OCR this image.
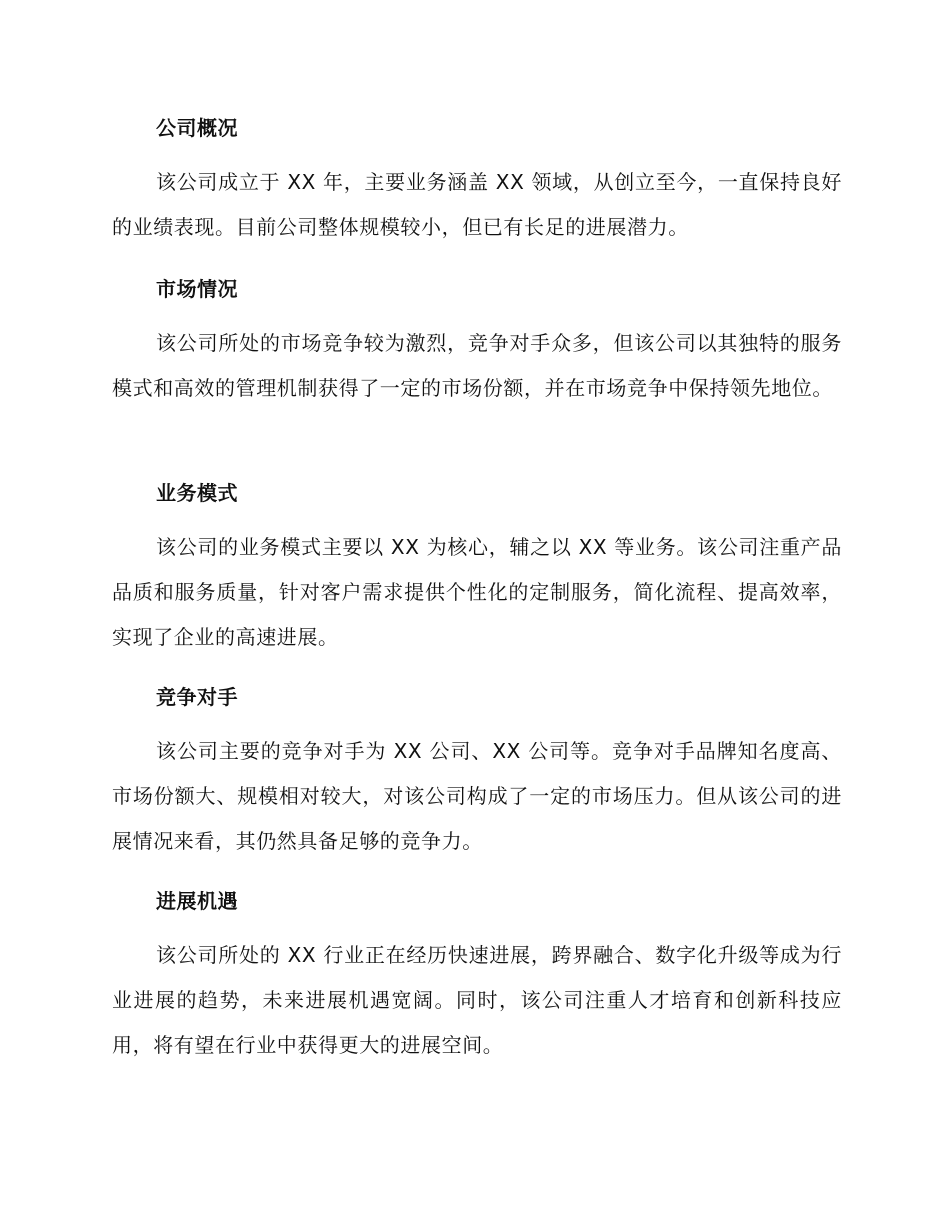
公司概况

该公司成立于 XX 年，主要业务涵盖 XX 领域，从创立至今，一直保持良好的业绩表现。目前公司整体规模较小，但已有长足的进展潜力。

市场情况

该公司所处的市场竞争较为激烈，竞争对手众多，但该公司以其独特的服务模式和高效的管理机制获得了一定的市场份额，并在市场竞争中保持领先地位。

业务模式

该公司的业务模式主要以 XX 为核心，辅之以 XX 等业务。该公司注重产品品质和服务质量，针对客户需求提供个性化的定制服务，简化流程、提高效率，实现了企业的高速进展。

竞争对手

该公司主要的竞争对手为 XX 公司、XX 公司等。竞争对手品牌知名度高、市场份额大、规模相对较大，对该公司构成了一定的市场压力。但从该公司的进展情况来看，其仍然具备足够的竞争力。

进展机遇

该公司所处的 XX 行业正在经历快速进展，跨界融合、数字化升级等成为行业进展的趋势，未来进展机遇宽阔。同时，该公司注重人才培育和创新科技应用，将有望在行业中获得更大的进展空间。
